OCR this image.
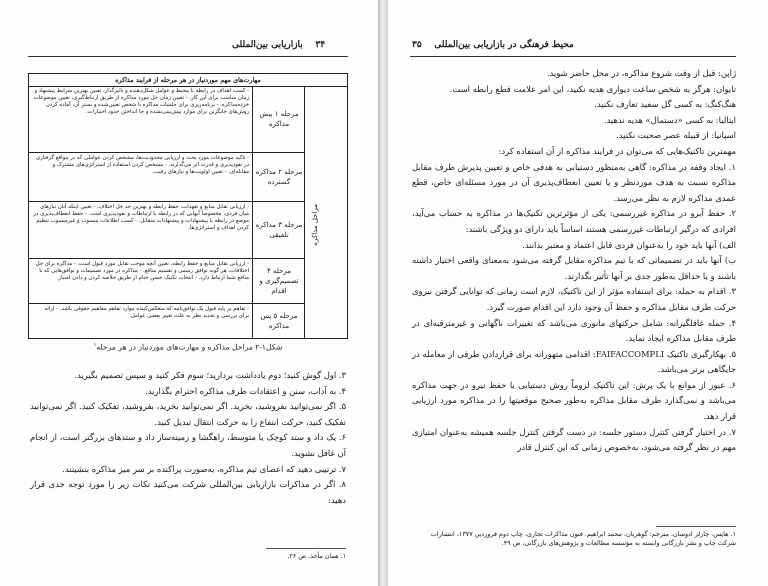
۳۴    بازاریابی بین‌المللی
مهارت‌های مهم موردنیاز در هر مرحله از فرایند مذاکره
مراحل مذاکره
مرحله ۱ پیش مذاکره
- کسب اهداف در رابطه با محیط و عوامل شکل‌دهنده و تاثیرگذار، تعیین بهترین شرایط پیشنهاد و زمان مناسب برای این کار. - تعیین زمان حل مورد مذاکره از طریق ارتباط‌گیری، تعیین موضوعات خرده‌مذاکره. - برنامه‌ریزی برای جلسات مذاکره با شخص تعیین‌شده و بستر آن، آماده کردن روش‌های جایگزین برای موارد پیش‌بینی‌نشده و جا انداختن حدود اختیارات.
مرحله ۲ مذاکره گسترده
- تاکید موضوعات مورد بحث و ارزیابی محدودیت‌ها، مشخص کردن عواملی که در مواقع گرفتاری در نفوذپذیری و قدرت اثر می‌گذارند. - مشخص کردن استفاده از استراتژی‌های مشترک و مقابله‌ای. - تعیین اولویت‌ها و نیازهای رقیب.
مرحله ۳ مذاکره تلفیقی
- ارزیابی تقابل منابع و تعهدات، حفظ رابطه و بهترین حد حل اختلاف. - تعیین اینکه آنان نیازهای میان فردی، مخصوصاً آنهایی که در رابطه با ارتباطات و نفوذپذیری است. - حفظ انعطاف‌پذیری در موضع در رابطه با پیشنهادات و پیشنهادات متقابل. - کسب اطلاعات منسوب و غیرمنسوب تنظیم کردن اهداف و استراتژی‌ها.
مرحله ۴ تصمیم‌گیری و اقدام
- ارزیابی تقابل منابع و حفظ رابطه، تعیین آنچه موجب تقابل مورد قبول است. - مذاکره برای حل اختلافات، هر گونه توافق رسمی و تقسیم منافع. - مذاکره در مورد تصمیمات و توافق‌هایی که با منافع شما ارتباط دارد. - انتخاب تکنیک حسن ختام از طریق خلاصه کردن و دادن امتیاز.
مرحله ۵ پس مذاکره
- تفاهم بر پایه قبول یک توافق‌نامه که منعکس‌کننده موارد تفاهم مفاهیم حقوقی باشد. - ارائه برای بررسی و تجدید نظر به علت تغییر بعضی عوامل.
شکل۱-۲ مراحل مذاکره و مهارت‌های موردنیاز در هر مرحله$^۱$

۳. اول گوش کنید؛ دوم یادداشت بردارید؛ سوم فکر کنید و سپس تصمیم بگیرید.

۴. به آداب، سنن و اعتقادات طرف مذاکره احترام بگذارید.

۵. اگر نمی‌توانید بفروشید، بخرید. اگر نمی‌توانید بخرید، بفروشید، تفکیک کنید. اگر نمی‌توانید تفکیک کنید، حرکت انتفاع را به حرکت انتقال تبدیل کنید.

۶. یک داد و ستد کوچک یا متوسط، راهگشا و زمینه‌ساز داد و ستدهای بزرگتر است، از انجام آن غافل نشوید.

۷. ترتیبی دهید که اعضای تیم مذاکره، به‌صورت پراکنده بر سر میز مذاکره بنشینند.

۸. اگر در مذاکرات بازاریابی بین‌المللی شرکت می‌کنید نکات زیر را مورد توجه جدی قرار دهید:

۱. همان مأخذ، ص ۲۶.
محیط فرهنگی در بازاریابی بین‌المللی    ۳۵

ژاپن: قبل از وقت شروع مذاکره، در محل حاضر شوید.

تایوان: هرگز به شخص ساعت دیواری هدیه نکنید، این امر علامت قطع رابطه است.

هنگ‌کنگ: به کسی گل سفید تعارف نکنید.

ایتالیا: به کسی «دستمال» هدیه ندهید.

اسپانیا: از قبیله عصر صحبت نکنید.

مهمترین تاکتیک‌هایی که می‌توان در فرایند مذاکره از آن استفاده کرد:

۱. ایجاد وقفه در مذاکره: گاهی به‌منظور دستیابی به هدفی خاص و تعیین پذیرش طرف مقابل مذاکره نسبت به هدف موردنظر و یا تعیین انعطاف‌پذیری آن در مورد مسئله‌ای خاص، قطع عمدی مذاکره لازم به نظر می‌رسد.

۲. حفظ آبرو در مذاکره غیررسمی: یکی از مؤثرترین تکنیک‌ها در مذاکره به حساب می‌آید، افرادی که درگیر ارتباطات غیررسمی هستند اساساً باید دارای دو ویژگی باشند:

الف) آنها باید خود را به‌عنوان فردی قابل اعتماد و معتبر بدانند.

ب) آنها باید در تصمیماتی که با تیم مذاکره مقابل گرفته می‌شود به‌معنای واقعی اختیار داشته باشند و یا حداقل به‌طور جدی بر آنها تأثیر بگذارند.

۳. اقدام به حمله: برای استفاده مؤثر از این تاکتیک، لازم است زمانی که توانایی گرفتن نیروی حرکت طرف مقابل مذاکره و حفظ آن وجود دارد این اقدام صورت گیرد.

۴. حمله غافلگیرانه: شامل حرکتهای مانوری می‌باشد که تغییرات ناگهانی و غیرمترقبه‌ای در طرف مقابل مذاکره ایجاد نماید.

۵. بهکارگیری تاکتیک FAIFACCOMPLI: اقدامی متهورانه برای قراردادن طرفی از معامله در جایگاهی برتر می‌باشد.

۶. عبور از موانع با یک پرش: این تاکتیک لزوماً روش دستیابی یا حفظ نیرو در جهت مذاکره می‌باشد و نمی‌گذارد طرف مقابل مذاکره به‌طور صحیح موقعیتها را در مذاکره مورد ارزیابی قرار دهد.

۷. در اختیار گرفتن کنترل دستور جلسه: در دست گرفتن کنترل جلسه همیشه به‌عنوان امتیازی مهم در نظر گرفته می‌شود، به‌خصوص زمانی که این کنترل قادر

۱. هایس، چارلز ادوسان، مترجم: گوهریان، محمد ابراهیم. فنون مذاکرات تجاری، چاپ دوم فروردین ۱۳۷۷، انتشارات شرکت چاپ و نشر بازرگانی وابسته به مؤسسه مطالعات و پژوهش‌های بازرگانی، ص ۴۹.
